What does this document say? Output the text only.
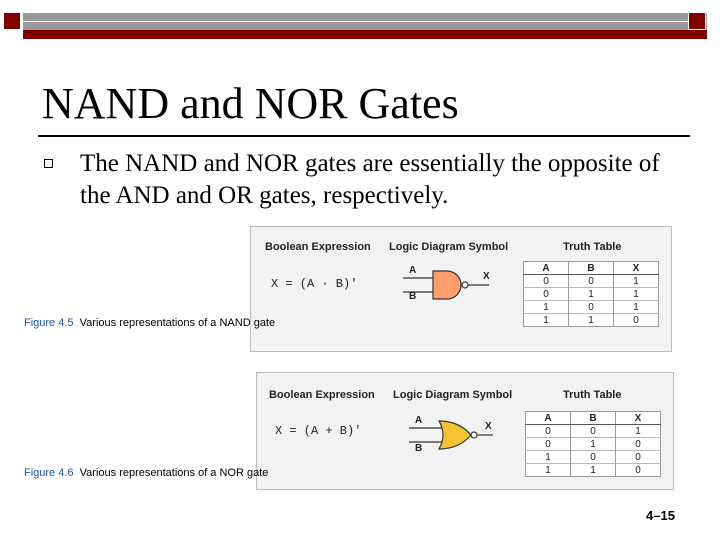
NAND and NOR Gates
The NAND and NOR gates are essentially the opposite of the AND and OR gates, respectively.
Boolean Expression Logic Diagram Symbol	Truth Table
X = (A · B)'
A
B
X
A	B	X
0	0	1
0	1	1
1	0	1
1	1	0
Figure 4.5 Various representations of a NAND gate
Boolean Expression Logic Diagram Symbol	Truth Table
X = (A + B)'
A
B
X
A	B	X
0	0	1
0	1	0
1	0	0
1	1	0
Figure 4.6 Various representations of a NOR gate
4–15
